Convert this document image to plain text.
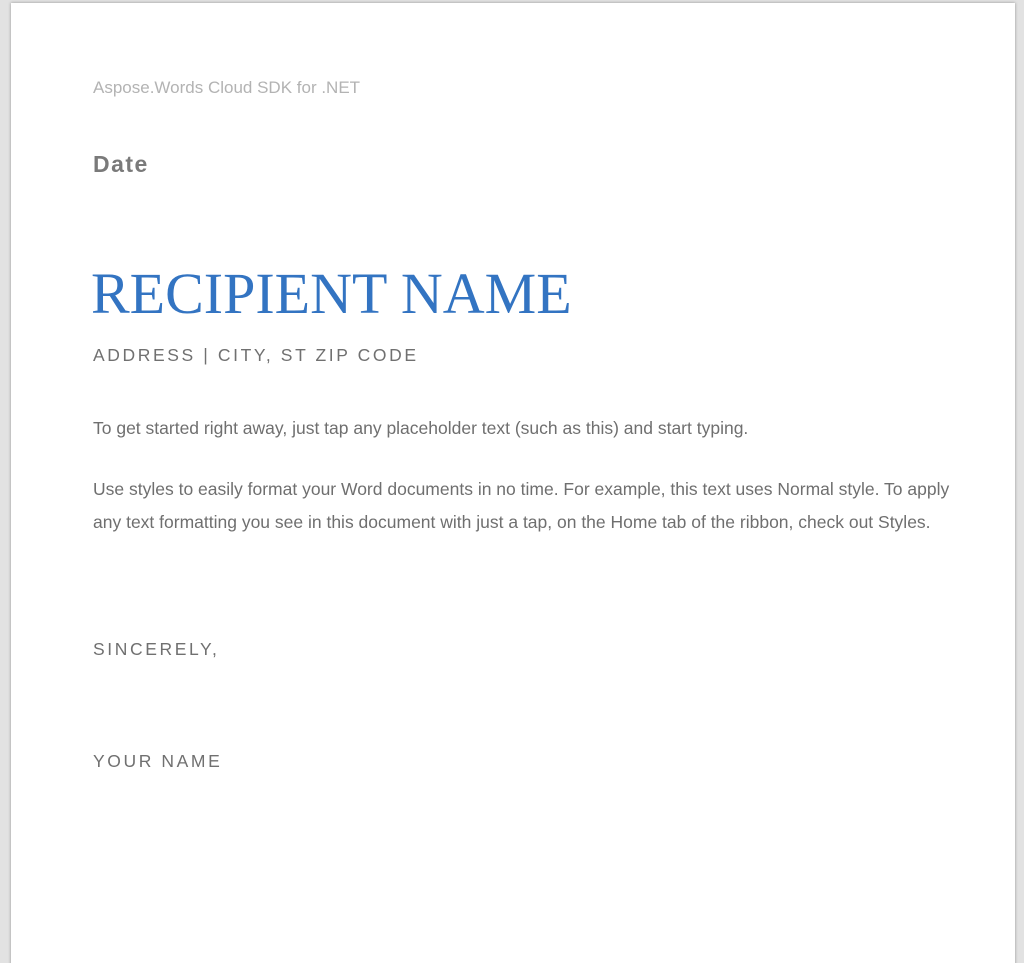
Aspose.Words Cloud SDK for .NET
Date
RECIPIENT NAME
ADDRESS | CITY, ST ZIP CODE
To get started right away, just tap any placeholder text (such as this) and start typing.
Use styles to easily format your Word documents in no time. For example, this text uses Normal style. To apply any text formatting you see in this document with just a tap, on the Home tab of the ribbon, check out Styles.
SINCERELY,
YOUR NAME
